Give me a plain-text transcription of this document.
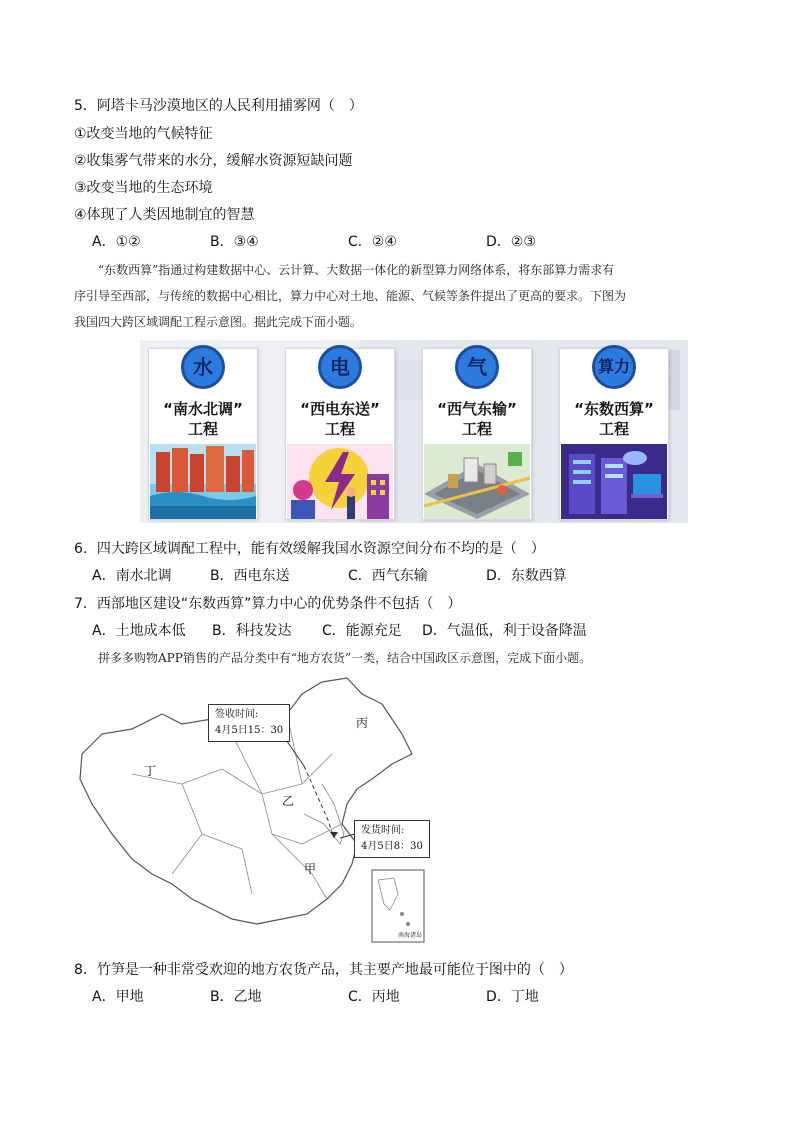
5．阿塔卡马沙漠地区的人民利用捕雾网（　）
①改变当地的气候特征
②收集雾气带来的水分，缓解水资源短缺问题
③改变当地的生态环境
④体现了人类因地制宜的智慧
A．①②	B．③④	C．②④	D．②③
“东数西算”指通过构建数据中心、云计算、大数据一体化的新型算力网络体系，将东部算力需求有
序引导至西部，与传统的数据中心相比，算力中心对土地、能源、气候等条件提出了更高的要求。下图为
我国四大跨区域调配工程示意图。据此完成下面小题。
水
“南水北调”
工程
电
“西电东送”
工程
气
“西气东输”
工程
算力
“东数西算”
工程
6．四大跨区域调配工程中，能有效缓解我国水资源空间分布不均的是（　）
A．南水北调	B．西电东送	C．西气东输	D．东数西算
7．西部地区建设“东数西算”算力中心的优势条件不包括（　）
A．土地成本低 B．科技发达 C．能源充足 D．气温低，利于设备降温
拼多多购物APP销售的产品分类中有“地方农货”一类，结合中国政区示意图，完成下面小题。
签收时间:
4月5日15：30
发货时间:
4月5日8：30
丙
丁
乙
甲
南海诸岛
8．竹笋是一种非常受欢迎的地方农货产品，其主要产地最可能位于图中的（　）
A．甲地	B．乙地	C．丙地	D．丁地
